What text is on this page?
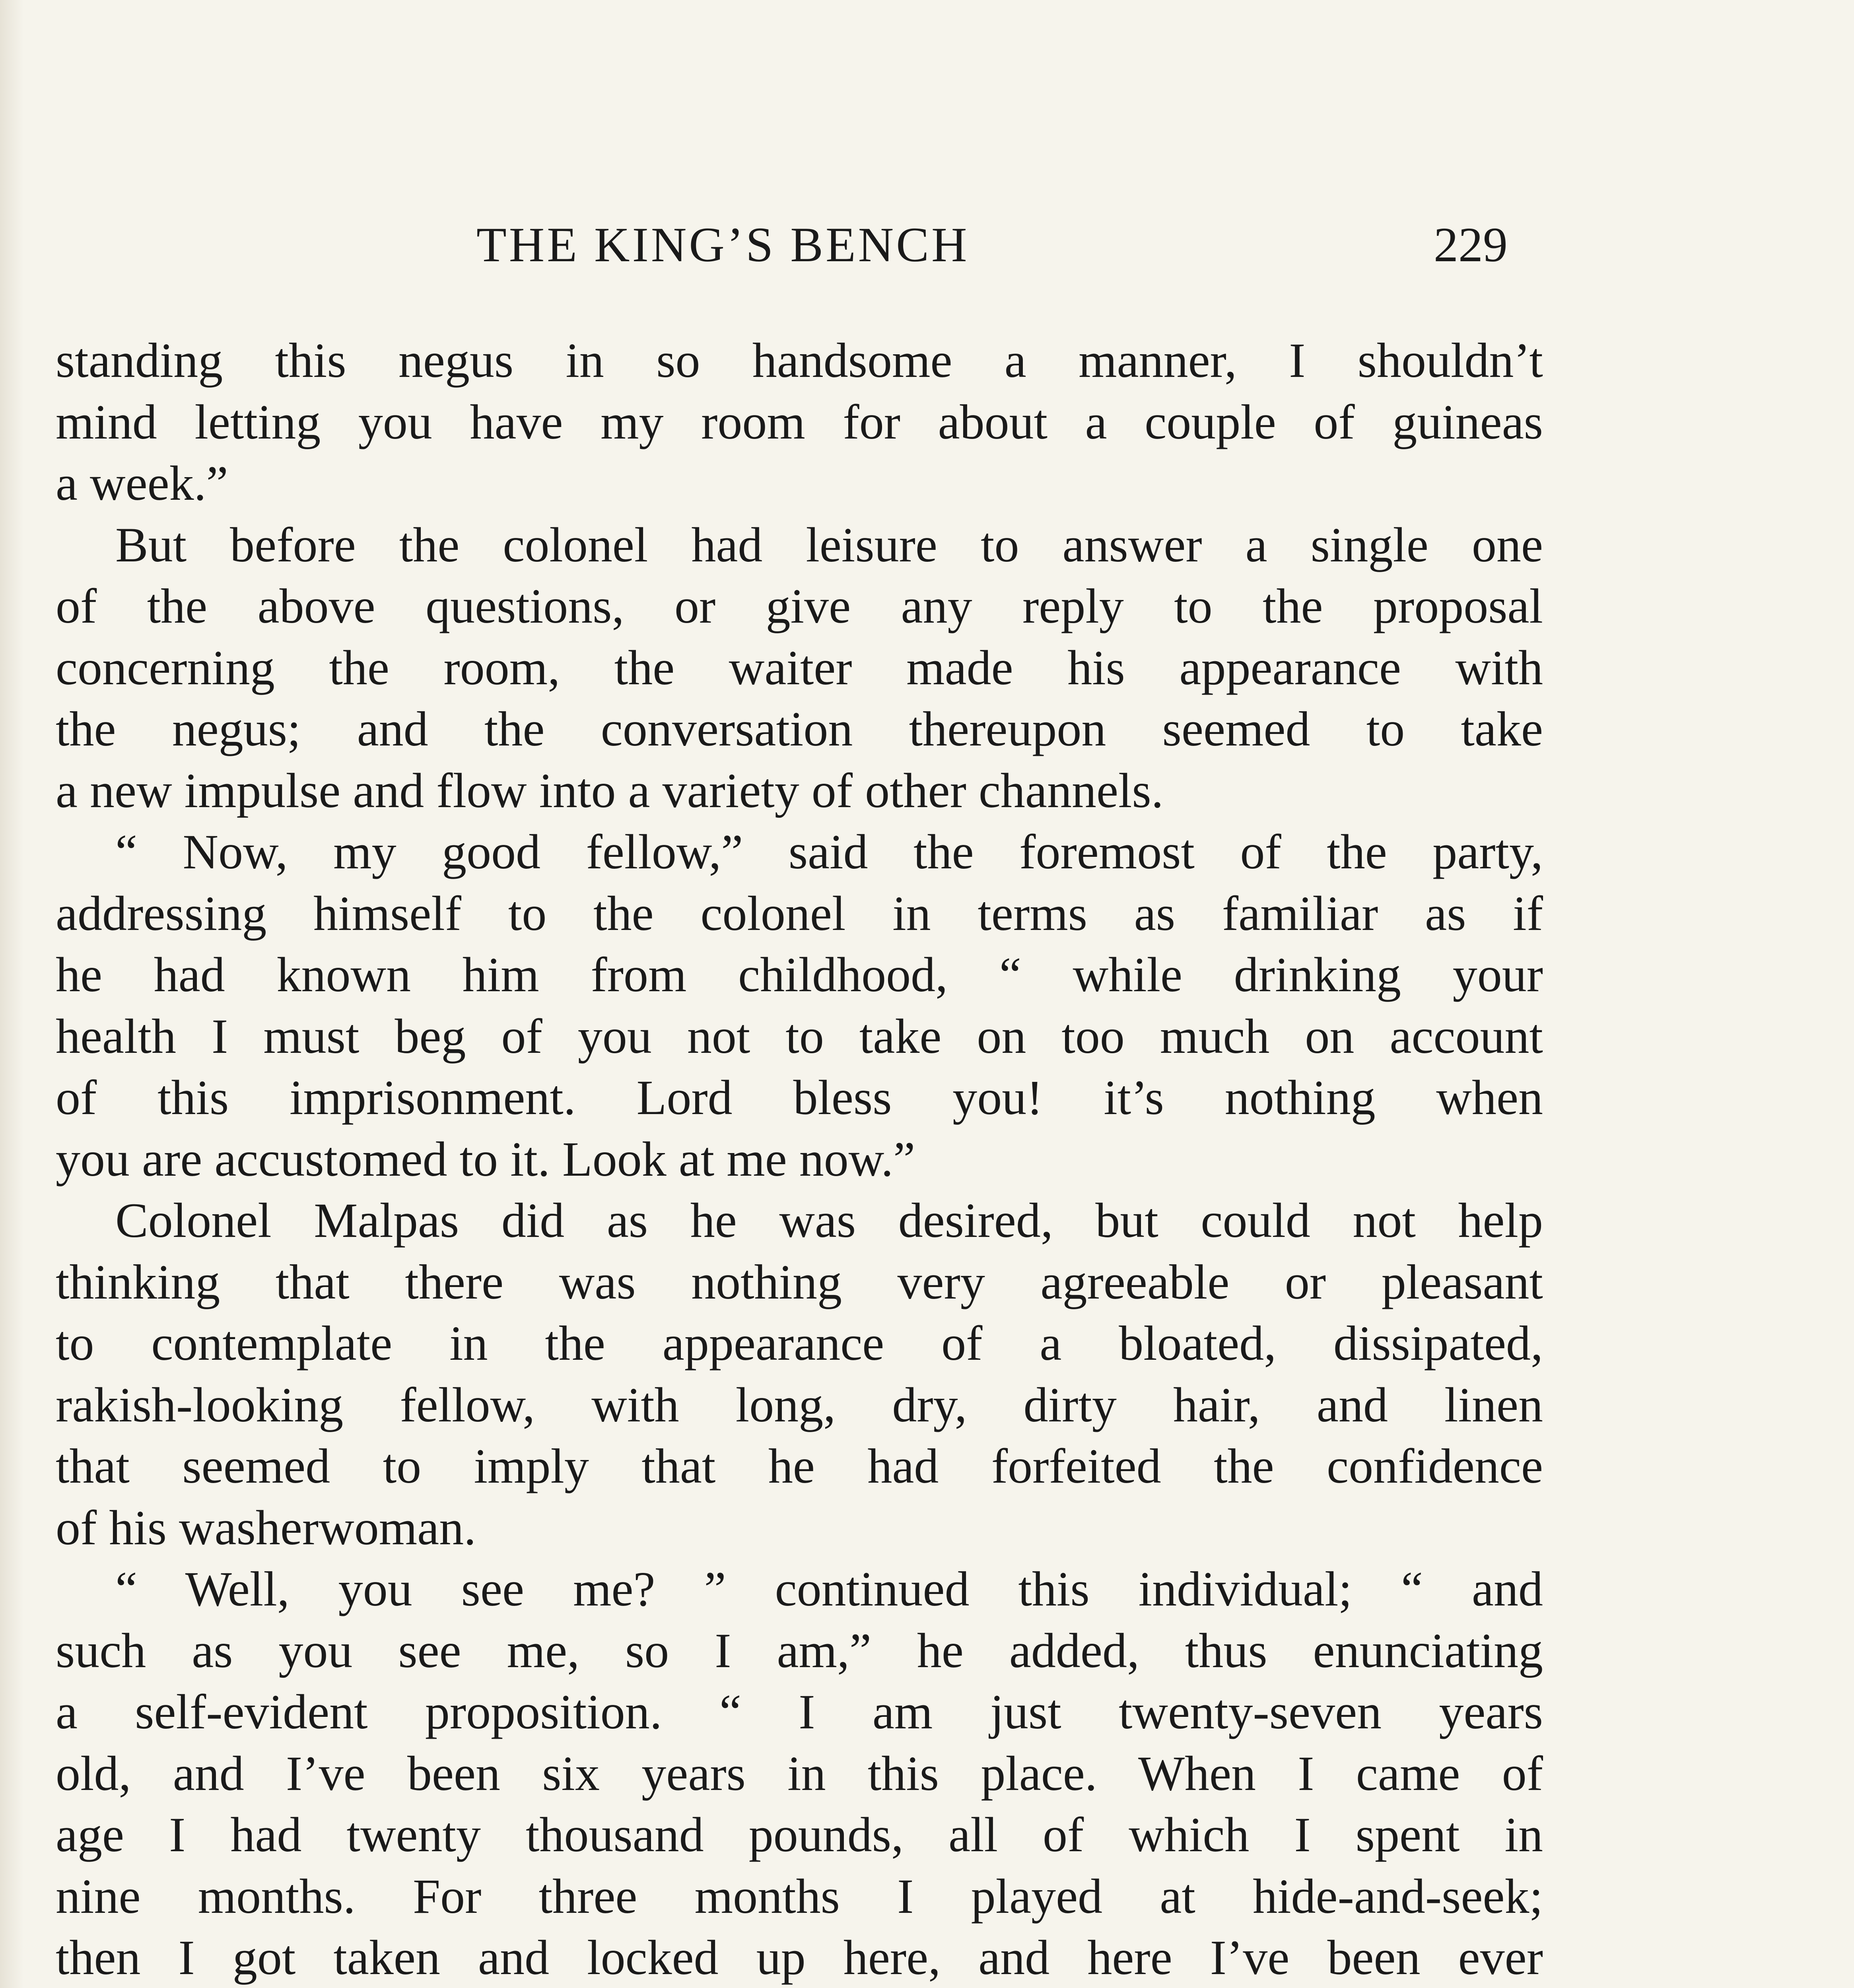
THE KING’S BENCH	229
standing this negus in so handsome a manner, I shouldn’t
mind letting you have my room for about a couple of guineas
a week.”
But before the colonel had leisure to answer a single one
of the above questions, or give any reply to the proposal
concerning the room, the waiter made his appearance with
the negus; and the conversation thereupon seemed to take
a new impulse and flow into a variety of other channels.
“ Now, my good fellow,” said the foremost of the party,
addressing himself to the colonel in terms as familiar as if
he had known him from childhood, “ while drinking your
health I must beg of you not to take on too much on account
of this imprisonment. Lord bless you! it’s nothing when
you are accustomed to it. Look at me now.”
Colonel Malpas did as he was desired, but could not help
thinking that there was nothing very agreeable or pleasant
to contemplate in the appearance of a bloated, dissipated,
rakish-looking fellow, with long, dry, dirty hair, and linen
that seemed to imply that he had forfeited the confidence
of his washerwoman.
“ Well, you see me? ” continued this individual; “ and
such as you see me, so I am,” he added, thus enunciating
a self-evident proposition. “ I am just twenty-seven years
old, and I’ve been six years in this place. When I came of
age I had twenty thousand pounds, all of which I spent in
nine months. For three months I played at hide-and-seek;
then I got taken and locked up here, and here I’ve been ever
